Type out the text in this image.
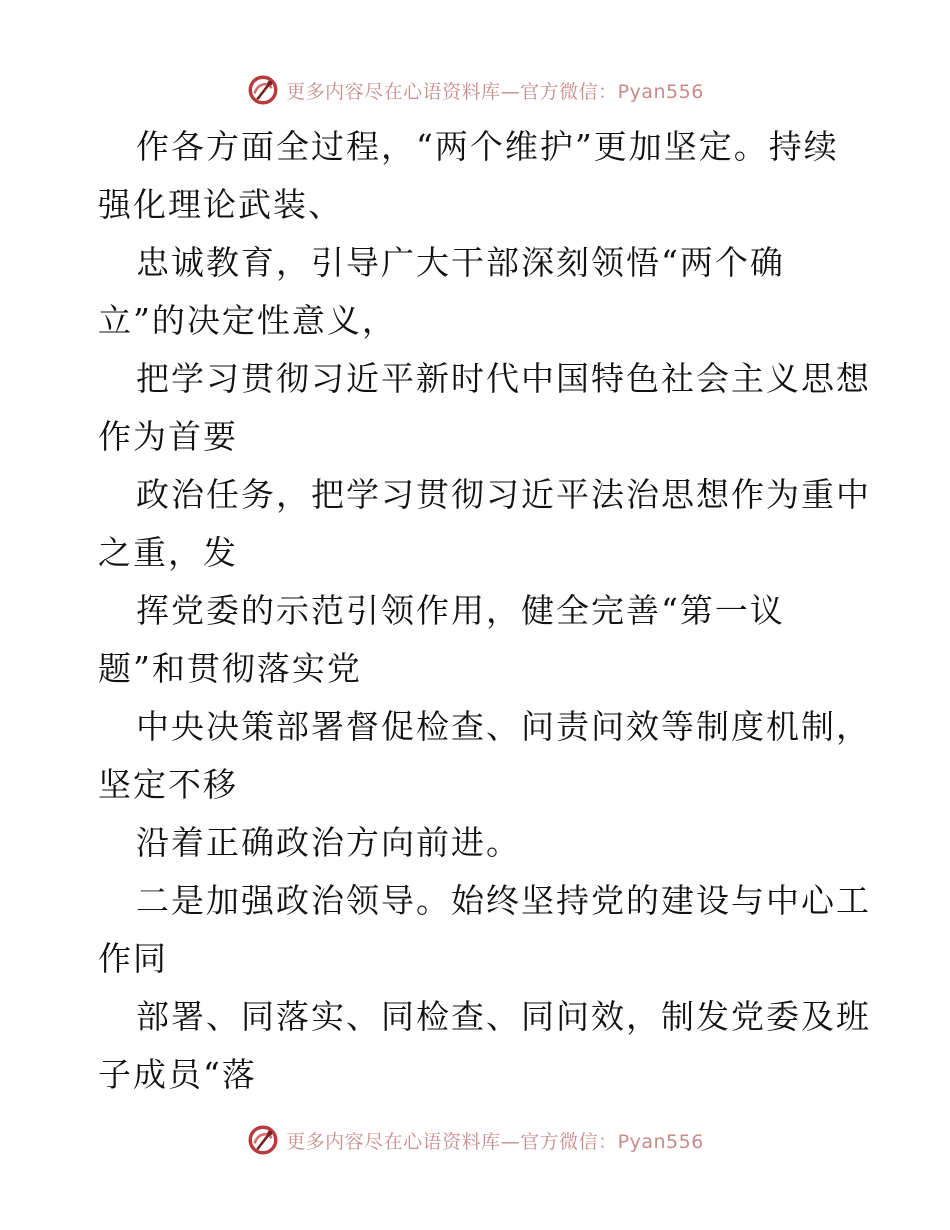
更多内容尽在心语资料库—官方微信：Pyan556
作各方面全过程，“两个维护”更加坚定。持续
强化理论武装、
忠诚教育，引导广大干部深刻领悟“两个确
立”的决定性意义，
把学习贯彻习近平新时代中国特色社会主义思想
作为首要
政治任务，把学习贯彻习近平法治思想作为重中
之重，发
挥党委的示范引领作用，健全完善“第一议
题”和贯彻落实党
中央决策部署督促检查、问责问效等制度机制，
坚定不移
沿着正确政治方向前进。
二是加强政治领导。始终坚持党的建设与中心工
作同
部署、同落实、同检查、同问效，制发党委及班
子成员“落
更多内容尽在心语资料库—官方微信：Pyan556
